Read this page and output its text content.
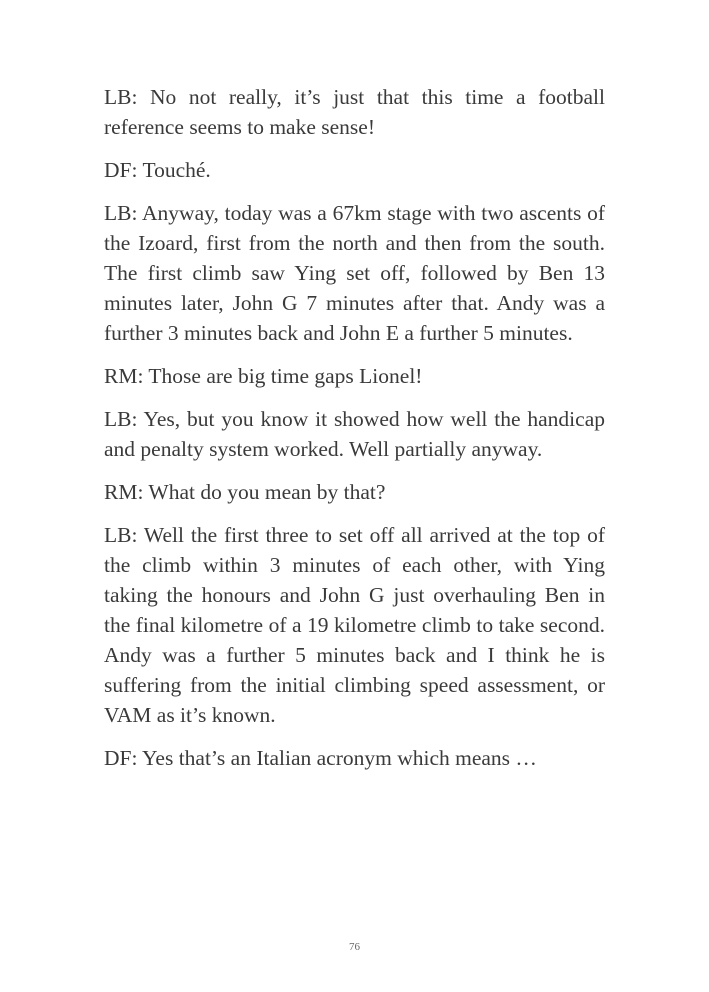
LB: No not really, it’s just that this time a football reference seems to make sense!

DF: Touché.

LB: Anyway, today was a 67km stage with two ascents of the Izoard, first from the north and then from the south. The first climb saw Ying set off, followed by Ben 13 minutes later, John G 7 minutes after that. Andy was a further 3 minutes back and John E a further 5 minutes.

RM: Those are big time gaps Lionel!

LB: Yes, but you know it showed how well the handicap and penalty system worked. Well partially anyway.

RM: What do you mean by that?

LB: Well the first three to set off all arrived at the top of the climb within 3 minutes of each other, with Ying taking the honours and John G just overhauling Ben in the final kilometre of a 19 kilometre climb to take second. Andy was a further 5 minutes back and I think he is suffering from the initial climbing speed assessment, or VAM as it’s known.

DF: Yes that’s an Italian acronym which means …

76
